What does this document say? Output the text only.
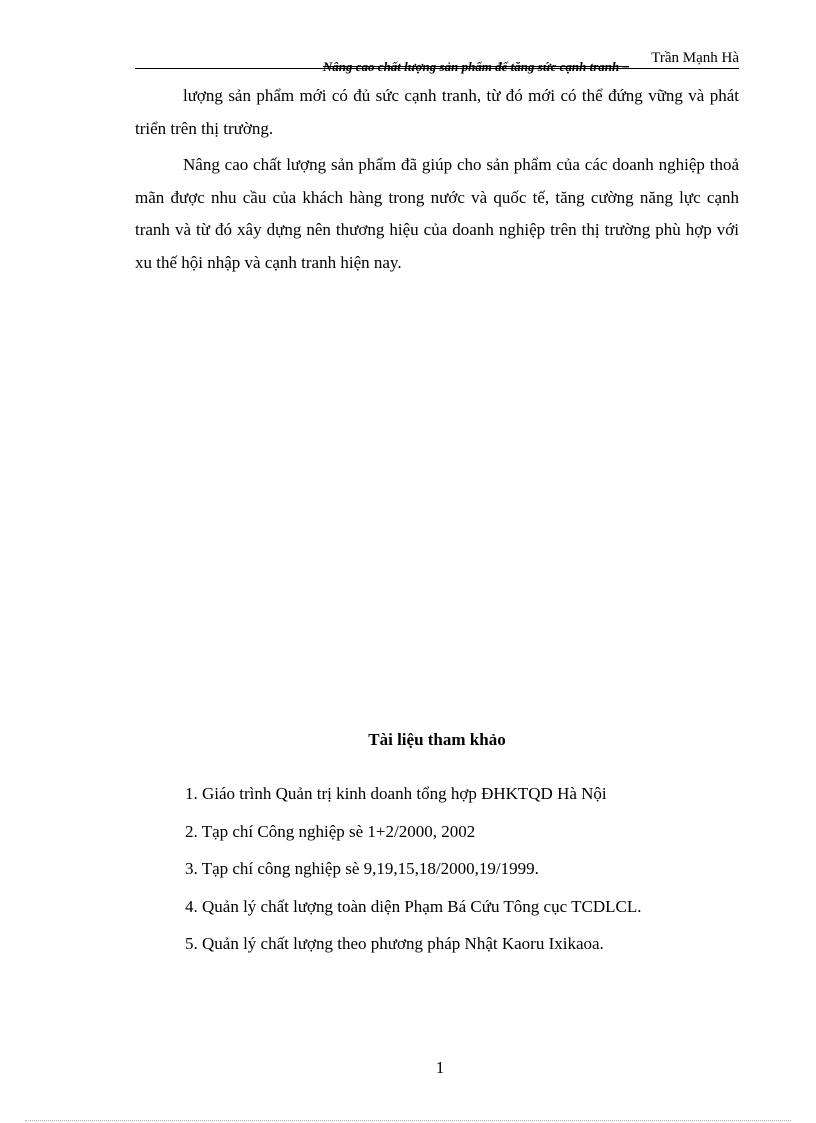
Nâng cao chất lượng sản phẩm để tăng sức cạnh tranh –
Trần Mạnh Hà

lượng sản phẩm mới có đủ sức cạnh tranh, từ đó mới có thể đứng vững và phát triển trên thị trường.

Nâng cao chất lượng sản phẩm đã giúp cho sản phẩm của các doanh nghiệp thoả mãn được nhu cầu của khách hàng trong nước và quốc tế, tăng cường năng lực cạnh tranh và từ đó xây dựng nên thương hiệu của doanh nghiệp trên thị trường phù hợp với xu thế hội nhập và cạnh tranh hiện nay.

Tài liệu tham khảo
1. Giáo trình Quản trị kinh doanh tổng hợp ĐHKTQD Hà Nội
2. Tạp chí Công nghiệp sè 1+2/2000, 2002
3. Tạp chí công nghiệp sè 9,19,15,18/2000,19/1999.
4. Quản lý chất lượng toàn diện Phạm Bá Cứu Tông cục TCDLCL.
5. Quản lý chất lượng theo phương pháp Nhật Kaoru Ixikaoa.
1
